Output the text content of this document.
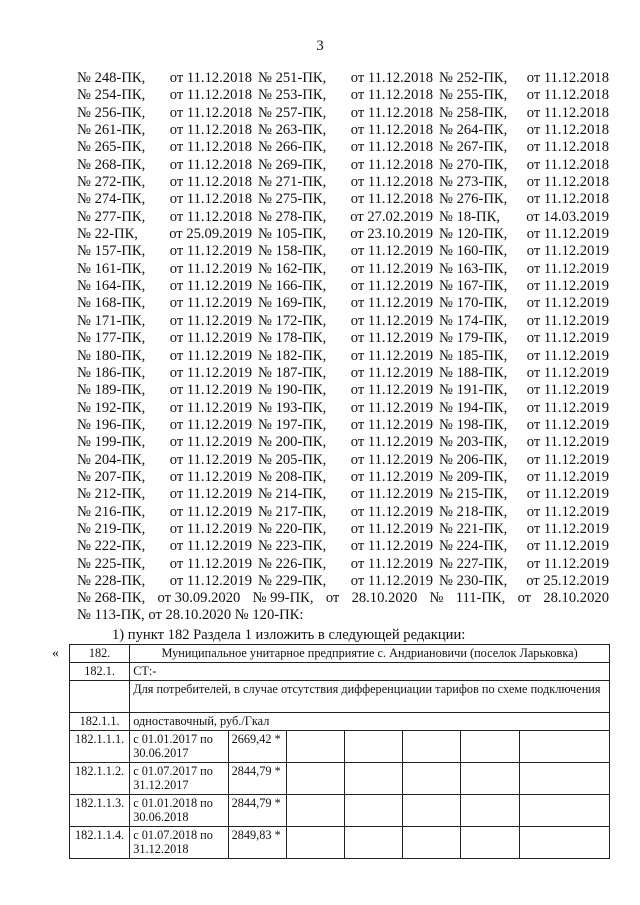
3
№ 248-ПК, от 11.12.2018 № 251-ПК, от 11.12.2018 № 252-ПК, от 11.12.2018
№ 254-ПК, от 11.12.2018 № 253-ПК, от 11.12.2018 № 255-ПК, от 11.12.2018
№ 256-ПК, от 11.12.2018 № 257-ПК, от 11.12.2018 № 258-ПК, от 11.12.2018
№ 261-ПК, от 11.12.2018 № 263-ПК, от 11.12.2018 № 264-ПК, от 11.12.2018
№ 265-ПК, от 11.12.2018 № 266-ПК, от 11.12.2018 № 267-ПК, от 11.12.2018
№ 268-ПК, от 11.12.2018 № 269-ПК, от 11.12.2018 № 270-ПК, от 11.12.2018
№ 272-ПК, от 11.12.2018 № 271-ПК, от 11.12.2018 № 273-ПК, от 11.12.2018
№ 274-ПК, от 11.12.2018 № 275-ПК, от 11.12.2018 № 276-ПК, от 11.12.2018
№ 277-ПК, от 11.12.2018 № 278-ПК, от 27.02.2019 № 18-ПК, от 14.03.2019
№ 22-ПК, от 25.09.2019 № 105-ПК, от 23.10.2019 № 120-ПК, от 11.12.2019
№ 157-ПК, от 11.12.2019 № 158-ПК, от 11.12.2019 № 160-ПК, от 11.12.2019
№ 161-ПК, от 11.12.2019 № 162-ПК, от 11.12.2019 № 163-ПК, от 11.12.2019
№ 164-ПК, от 11.12.2019 № 166-ПК, от 11.12.2019 № 167-ПК, от 11.12.2019
№ 168-ПК, от 11.12.2019 № 169-ПК, от 11.12.2019 № 170-ПК, от 11.12.2019
№ 171-ПК, от 11.12.2019 № 172-ПК, от 11.12.2019 № 174-ПК, от 11.12.2019
№ 177-ПК, от 11.12.2019 № 178-ПК, от 11.12.2019 № 179-ПК, от 11.12.2019
№ 180-ПК, от 11.12.2019 № 182-ПК, от 11.12.2019 № 185-ПК, от 11.12.2019
№ 186-ПК, от 11.12.2019 № 187-ПК, от 11.12.2019 № 188-ПК, от 11.12.2019
№ 189-ПК, от 11.12.2019 № 190-ПК, от 11.12.2019 № 191-ПК, от 11.12.2019
№ 192-ПК, от 11.12.2019 № 193-ПК, от 11.12.2019 № 194-ПК, от 11.12.2019
№ 196-ПК, от 11.12.2019 № 197-ПК, от 11.12.2019 № 198-ПК, от 11.12.2019
№ 199-ПК, от 11.12.2019 № 200-ПК, от 11.12.2019 № 203-ПК, от 11.12.2019
№ 204-ПК, от 11.12.2019 № 205-ПК, от 11.12.2019 № 206-ПК, от 11.12.2019
№ 207-ПК, от 11.12.2019 № 208-ПК, от 11.12.2019 № 209-ПК, от 11.12.2019
№ 212-ПК, от 11.12.2019 № 214-ПК, от 11.12.2019 № 215-ПК, от 11.12.2019
№ 216-ПК, от 11.12.2019 № 217-ПК, от 11.12.2019 № 218-ПК, от 11.12.2019
№ 219-ПК, от 11.12.2019 № 220-ПК, от 11.12.2019 № 221-ПК, от 11.12.2019
№ 222-ПК, от 11.12.2019 № 223-ПК, от 11.12.2019 № 224-ПК, от 11.12.2019
№ 225-ПК, от 11.12.2019 № 226-ПК, от 11.12.2019 № 227-ПК, от 11.12.2019
№ 228-ПК, от 11.12.2019 № 229-ПК, от 11.12.2019 № 230-ПК, от 25.12.2019
№ 268-ПК, от 30.09.2020 № 99-ПК, от 28.10.2020 № 111-ПК, от 28.10.2020
№ 113-ПК, от 28.10.2020 № 120-ПК:
1) пункт 182 Раздела 1 изложить в следующей редакции:
« 182.	Муниципальное унитарное предприятие с. Андриановичи (поселок Ларьковка)						
182.1.	СТ:-						
	Для потребителей, в случае отсутствия дифференциации тарифов по схеме подключения						
182.1.1.	одноставочный, руб./Гкал						
182.1.1.1.	с 01.01.2017 по 30.06.2017	2669,42 *					
182.1.1.2.	с 01.07.2017 по 31.12.2017	2844,79 *					
182.1.1.3.	с 01.01.2018 по 30.06.2018	2844,79 *					
182.1.1.4.	с 01.07.2018 по 31.12.2018	2849,83 *					
